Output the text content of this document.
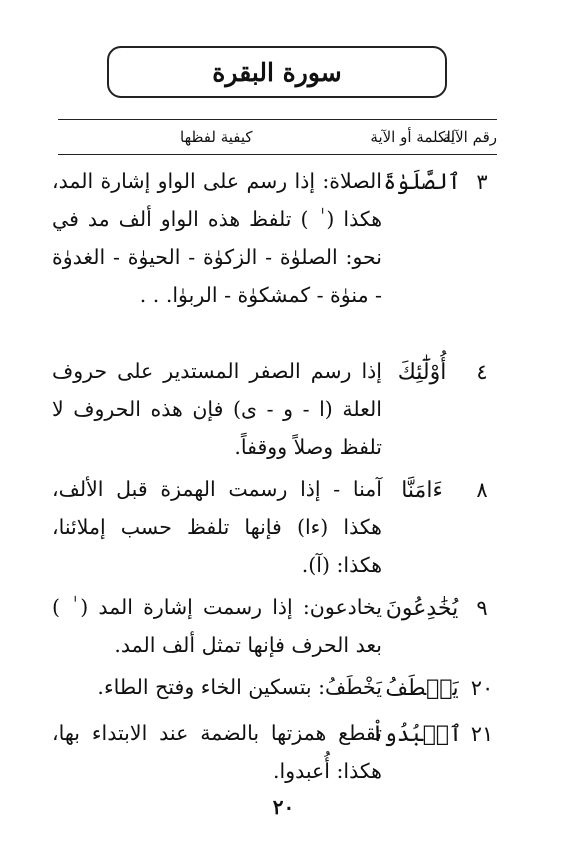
سورة البقرة
رقم الآية
الكلمة أو الآية
كيفية لفظها
٣
ٱلصَّلَوٰةَ
الصلاة: إذا رسم على الواو إشارة المد، هكذا ( ٰ ) تلفظ هذه الواو ألف مد في نحو: الصلوٰة - الزكوٰة - الحيوٰة - الغدوٰة - منوٰة - كمشكوٰة - الربوٰا. . .
٤
أُوْلَٰٓئِكَ
إذا رسم الصفر المستدير على حروف العلة (ا - و - ى) فإن هذه الحروف لا تلفظ وصلاً ووقفاً.
٨
ءَامَنَّا
آمنا - إذا رسمت الهمزة قبل الألف، هكذا (ءا) فإنها تلفظ حسب إملائنا، هكذا: (آ).
٩
يُخَٰدِعُونَ
يخادعون: إذا رسمت إشارة المد ( ٰ ) بعد الحرف فإنها تمثل ألف المد.
٢٠
يَخۡطَفُ
يَخْطَفُ: بتسكين الخاء وفتح الطاء.
٢١
ٱعۡبُدُواْ
تقطع همزتها بالضمة عند الابتداء بها، هكذا: أُعبدوا.
٢٠
